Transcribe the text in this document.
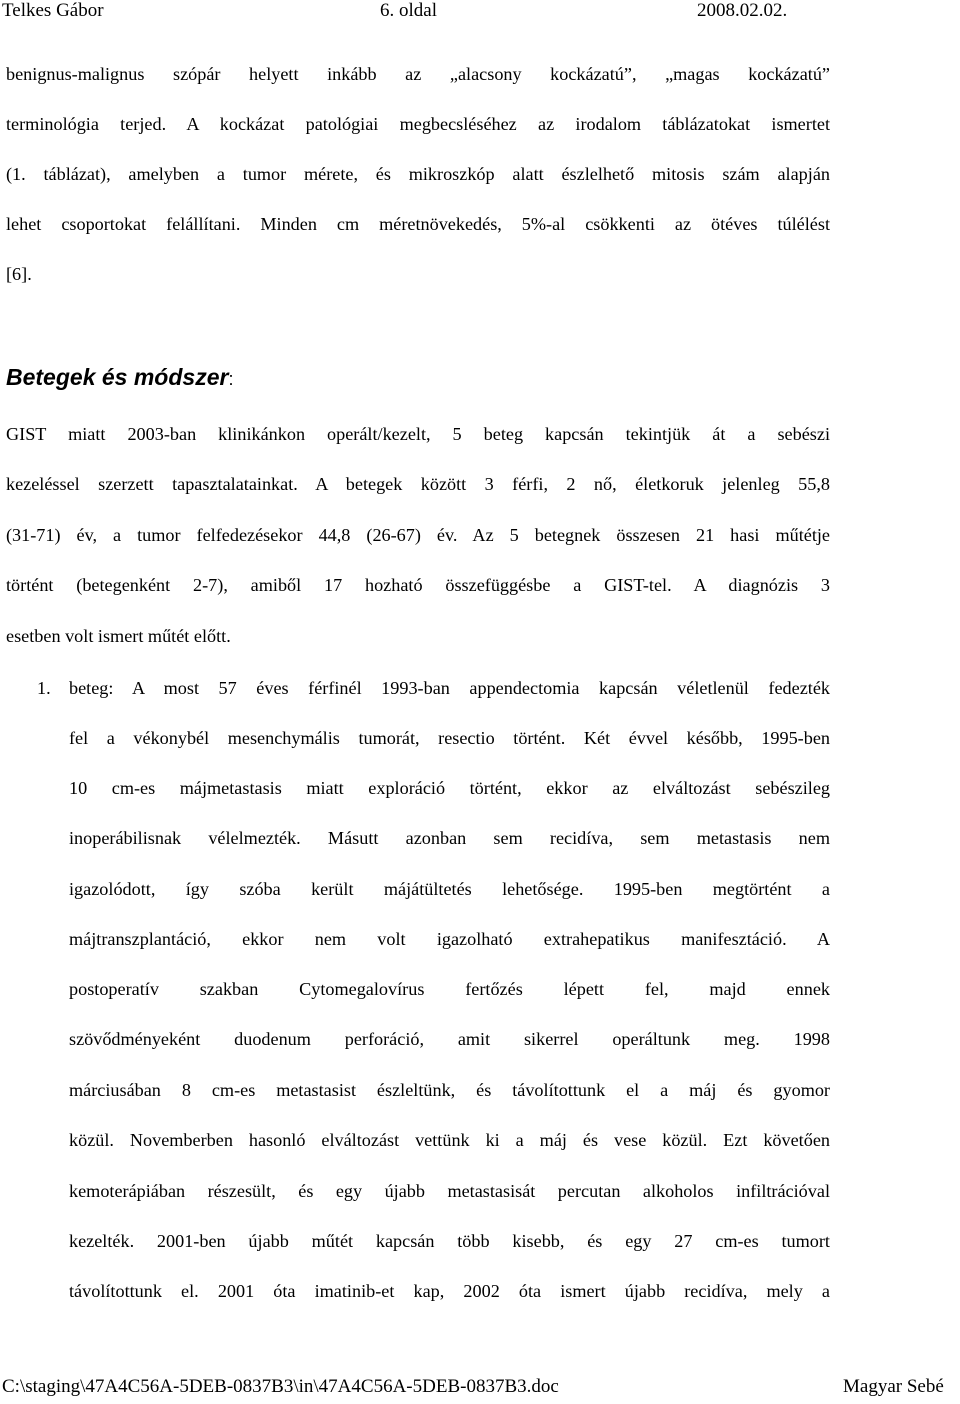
Telkes Gábor	6. oldal	2008.02.02.
benignus-malignus szópár helyett inkább az „alacsony kockázatú”, „magas kockázatú”
terminológia terjed. A kockázat patológiai megbecsléséhez az irodalom táblázatokat ismertet
(1. táblázat), amelyben a tumor mérete, és mikroszkóp alatt észlelhető mitosis szám alapján
lehet csoportokat felállítani. Minden cm méretnövekedés, 5%-al csökkenti az ötéves túlélést
[6].
Betegek és módszer:
GIST miatt 2003-ban klinikánkon operált/kezelt, 5 beteg kapcsán tekintjük át a sebészi
kezeléssel szerzett tapasztalatainkat. A betegek között 3 férfi, 2 nő, életkoruk jelenleg 55,8
(31-71) év, a tumor felfedezésekor 44,8 (26-67) év. Az 5 betegnek összesen 21 hasi műtétje
történt (betegenként 2-7), amiből 17 hozható összefüggésbe a GIST-tel. A diagnózis 3
esetben volt ismert műtét előtt.
1. beteg: A most 57 éves férfinél 1993-ban appendectomia kapcsán véletlenül fedezték
fel a vékonybél mesenchymális tumorát, resectio történt. Két évvel később, 1995-ben
10 cm-es májmetastasis miatt exploráció történt, ekkor az elváltozást sebészileg
inoperábilisnak vélelmezték. Másutt azonban sem recidíva, sem metastasis nem
igazolódott, így szóba került májátültetés lehetősége. 1995-ben megtörtént a
májtranszplantáció, ekkor nem volt igazolható extrahepatikus manifesztáció. A
postoperatív szakban Cytomegalovírus fertőzés lépett fel, majd ennek
szövődményeként duodenum perforáció, amit sikerrel operáltunk meg. 1998
márciusában 8 cm-es metastasist észleltünk, és távolítottunk el a máj és gyomor
közül. Novemberben hasonló elváltozást vettünk ki a máj és vese közül. Ezt követően
kemoterápiában részesült, és egy újabb metastasisát percutan alkoholos infiltrációval
kezelték. 2001-ben újabb műtét kapcsán több kisebb, és egy 27 cm-es tumort
távolítottunk el. 2001 óta imatinib-et kap, 2002 óta ismert újabb recidíva, mely a
C:\staging\47A4C56A-5DEB-0837B3\in\47A4C56A-5DEB-0837B3.doc	Magyar Sebé
